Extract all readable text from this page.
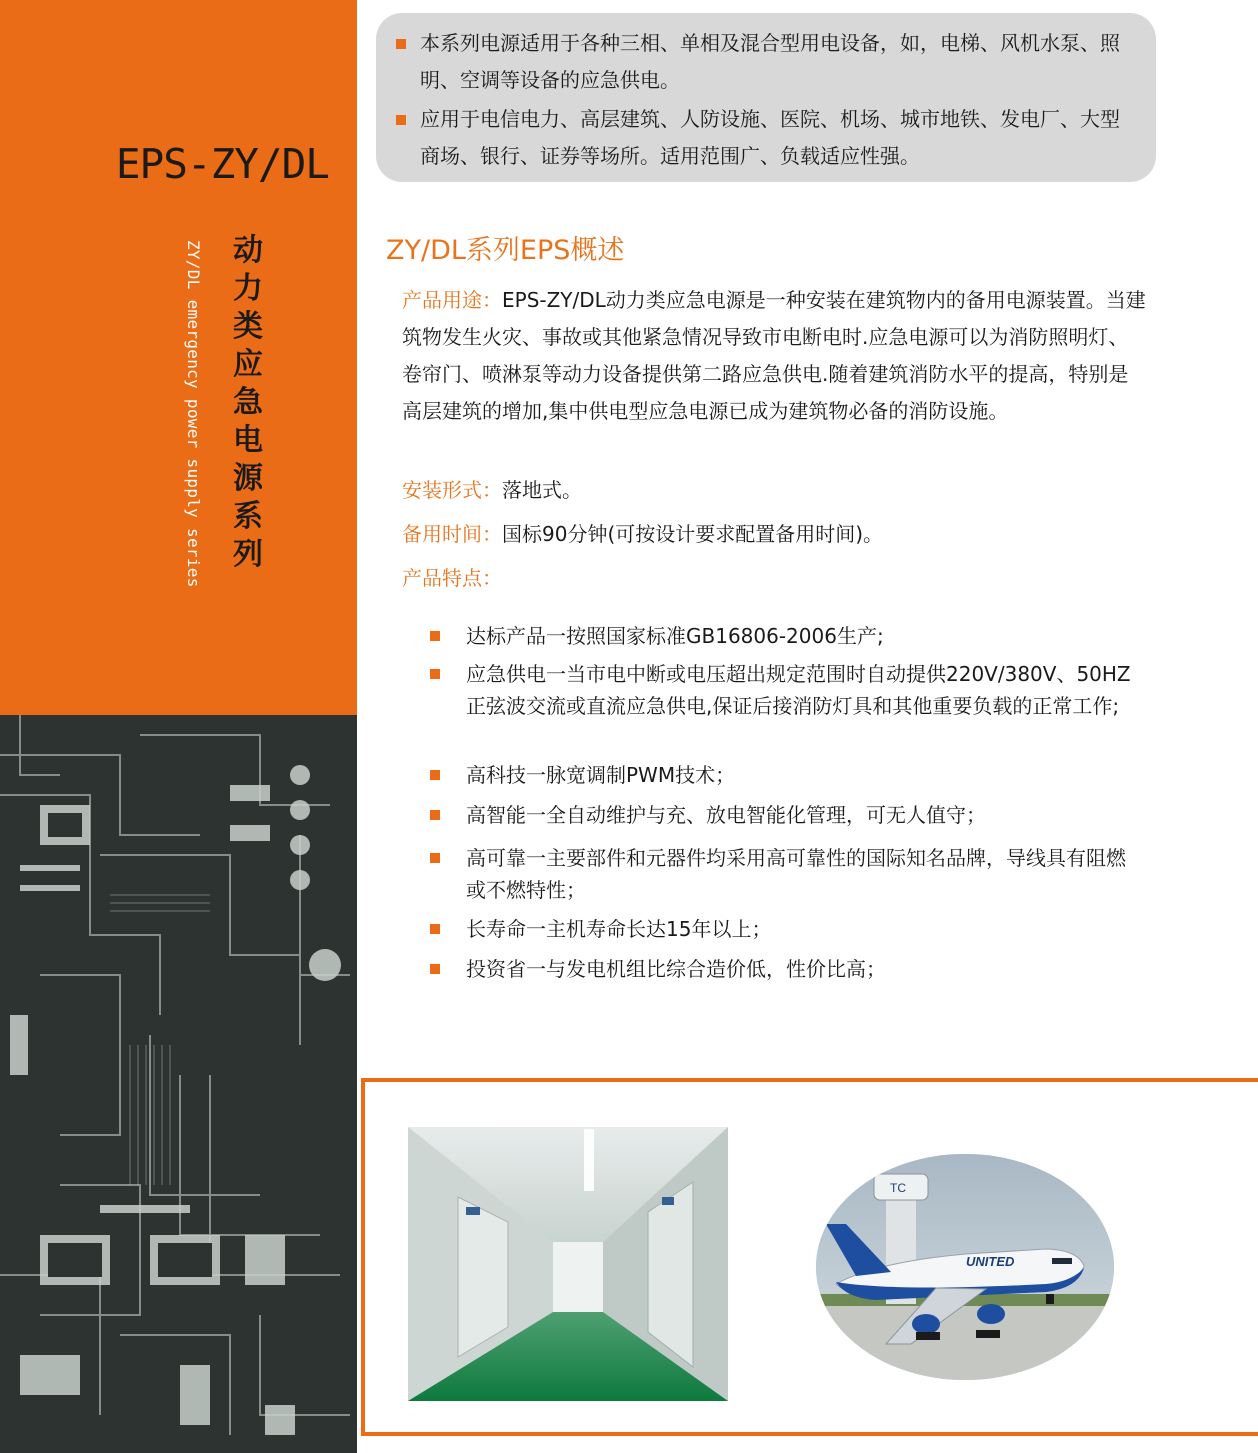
EPS-ZY/DL
动力类应急电源系列
ZY/DL emergency power supply series
本系列电源适用于各种三相、单相及混合型用电设备，如，电梯、风机水泵、照明、空调等设备的应急供电。
应用于电信电力、高层建筑、人防设施、医院、机场、城市地铁、发电厂、大型商场、银行、证券等场所。适用范围广、负载适应性强。
ZY/DL系列EPS概述
产品用途：EPS-ZY/DL动力类应急电源是一种安装在建筑物内的备用电源装置。当建筑物发生火灾、事故或其他紧急情况导致市电断电时.应急电源可以为消防照明灯、卷帘门、喷淋泵等动力设备提供第二路应急供电.随着建筑消防水平的提高，特别是高层建筑的增加,集中供电型应急电源已成为建筑物必备的消防设施。
安装形式：落地式。
备用时间：国标90分钟(可按设计要求配置备用时间)。
产品特点：
达标产品一按照国家标准GB16806-2006生产;
应急供电一当市电中断或电压超出规定范围时自动提供220V/380V、50HZ正弦波交流或直流应急供电,保证后接消防灯具和其他重要负载的正常工作;
高科技一脉宽调制PWM技术；
高智能一全自动维护与充、放电智能化管理，可无人值守；
高可靠一主要部件和元器件均采用高可靠性的国际知名品牌，导线具有阻燃或不燃特性；
长寿命一主机寿命长达15年以上；
投资省一与发电机组比综合造价低，性价比高；
TC
UNITED
